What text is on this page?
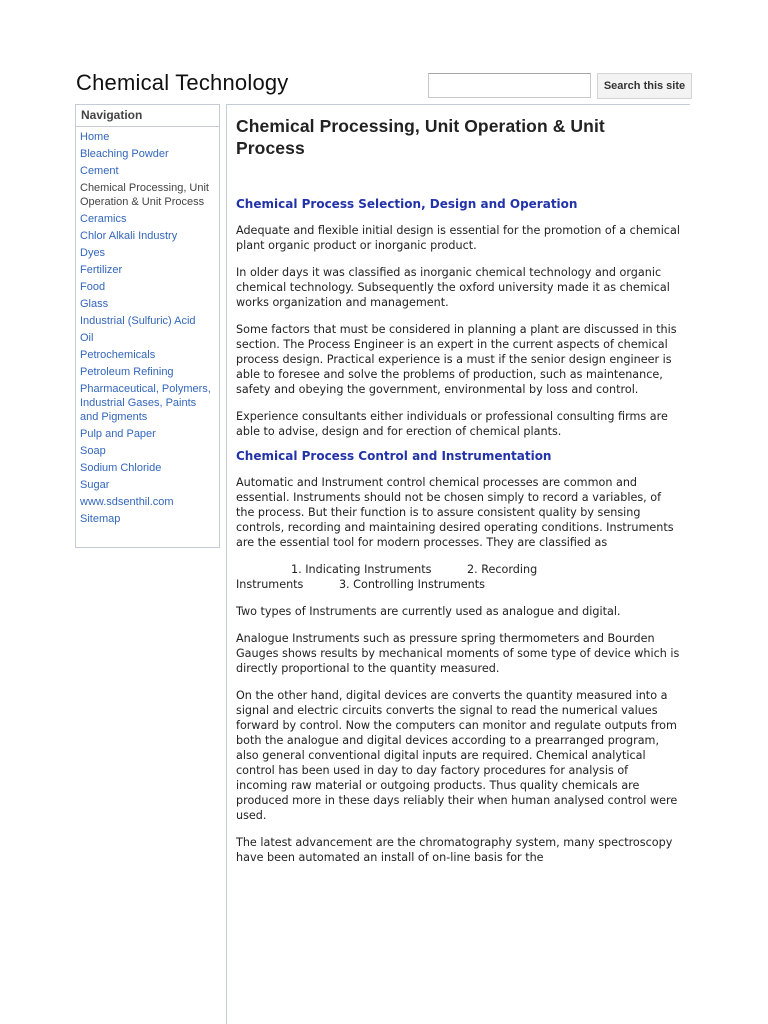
Chemical Technology	Search this site
Navigation
Home
Bleaching Powder
Cement
Chemical Processing, Unit Operation & Unit Process
Ceramics
Chlor Alkali Industry
Dyes
Fertilizer
Food
Glass
Industrial (Sulfuric) Acid
Oil
Petrochemicals
Petroleum Refining
Pharmaceutical, Polymers, Industrial Gases, Paints and Pigments
Pulp and Paper
Soap
Sodium Chloride
Sugar
www.sdsenthil.com
Sitemap
Chemical Processing, Unit Operation & Unit Process
Chemical Process Selection, Design and Operation

Adequate and flexible initial design is essential for the promotion of a chemical plant organic product or inorganic product.

In older days it was classified as inorganic chemical technology and organic chemical technology. Subsequently the oxford university made it as chemical works organization and management.

Some factors that must be considered in planning a plant are discussed in this section. The Process Engineer is an expert in the current aspects of chemical process design. Practical experience is a must if the senior design engineer is able to foresee and solve the problems of production, such as maintenance, safety and obeying the government, environmental by loss and control.

Experience consultants either individuals or professional consulting firms are able to advise, design and for erection of chemical plants.

Chemical Process Control and Instrumentation

Automatic and Instrument control chemical processes are common and essential. Instruments should not be chosen simply to record a variables, of the process. But their function is to assure consistent quality by sensing controls, recording and maintaining desired operating conditions. Instruments are the essential tool for modern processes. They are classified as

1. Indicating Instruments          2. Recording

Instruments          3. Controlling Instruments

Two types of Instruments are currently used as analogue and digital.

Analogue Instruments such as pressure spring thermometers and Bourden Gauges shows results by mechanical moments of some type of device which is directly proportional to the quantity measured.

On the other hand, digital devices are converts the quantity measured into a signal and electric circuits converts the signal to read the numerical values forward by control. Now the computers can monitor and regulate outputs from both the analogue and digital devices according to a prearranged program, also general conventional digital inputs are required. Chemical analytical control has been used in day to day factory procedures for analysis of incoming raw material or outgoing products. Thus quality chemicals are produced more in these days reliably their when human analysed control were used.

The latest advancement are the chromatography system, many spectroscopy have been automated an install of on-line basis for the
